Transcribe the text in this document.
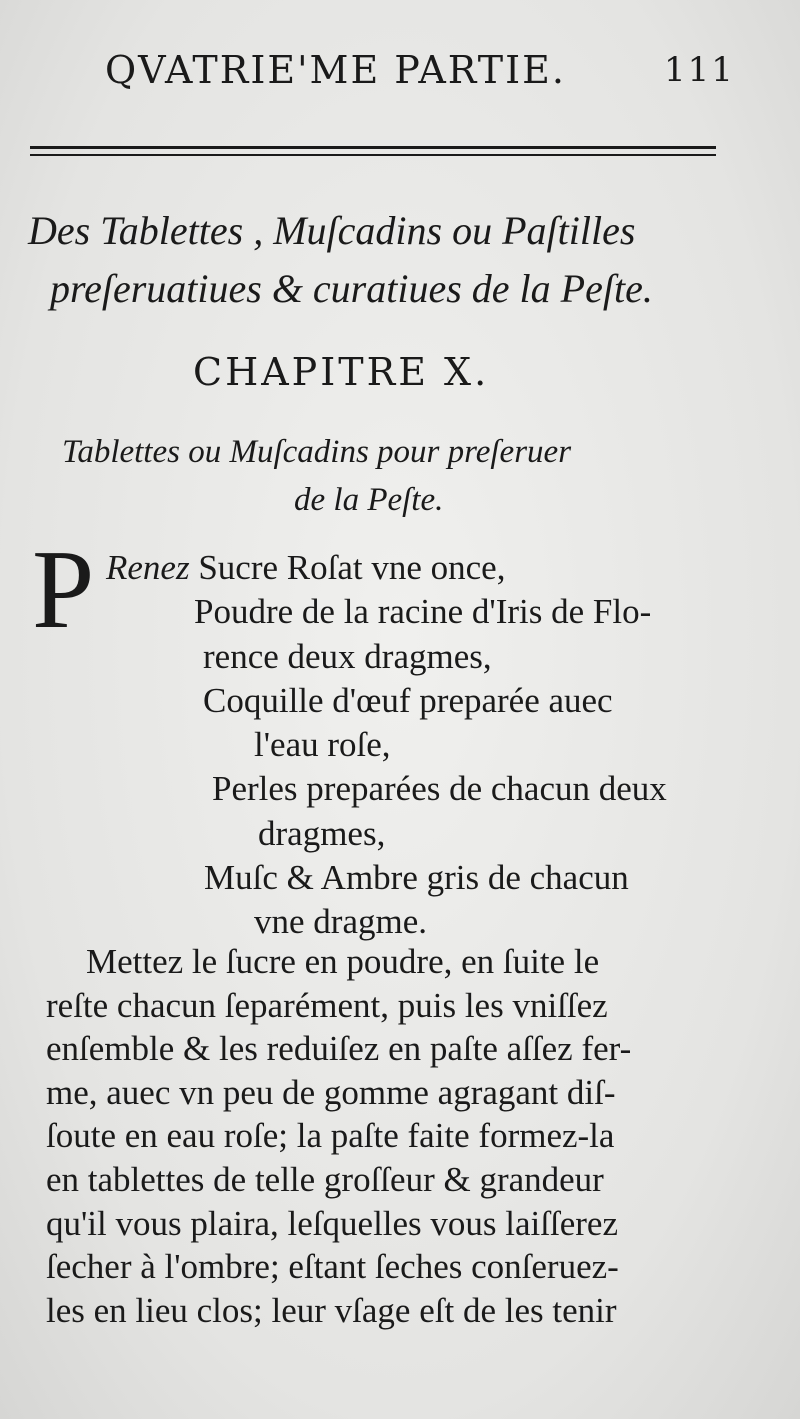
QVATRIE'ME PARTIE.	111
Des Tablettes , Muſcadins ou Paſtilles
preſeruatiues & curatiues de la Peſte.
CHAPITRE X.
Tablettes ou Muſcadins pour preſeruer
de la Peſte.
P Renez Sucre Roſat vne once,
Poudre de la racine d'Iris de Flo-
rence deux dragmes,
Coquille d'œuf preparée auec
l'eau roſe,
Perles preparées de chacun deux
dragmes,
Muſc & Ambre gris de chacun
vne dragme.
Mettez le ſucre en poudre, en ſuite le
reſte chacun ſeparément, puis les vniſſez
enſemble & les reduiſez en paſte aſſez fer-
me, auec vn peu de gomme agragant diſ-
ſoute en eau roſe; la paſte faite formez-la
en tablettes de telle groſſeur & grandeur
qu'il vous plaira, leſquelles vous laiſſerez
ſecher à l'ombre; eſtant ſeches conſeruez-
les en lieu clos; leur vſage eſt de les tenir
